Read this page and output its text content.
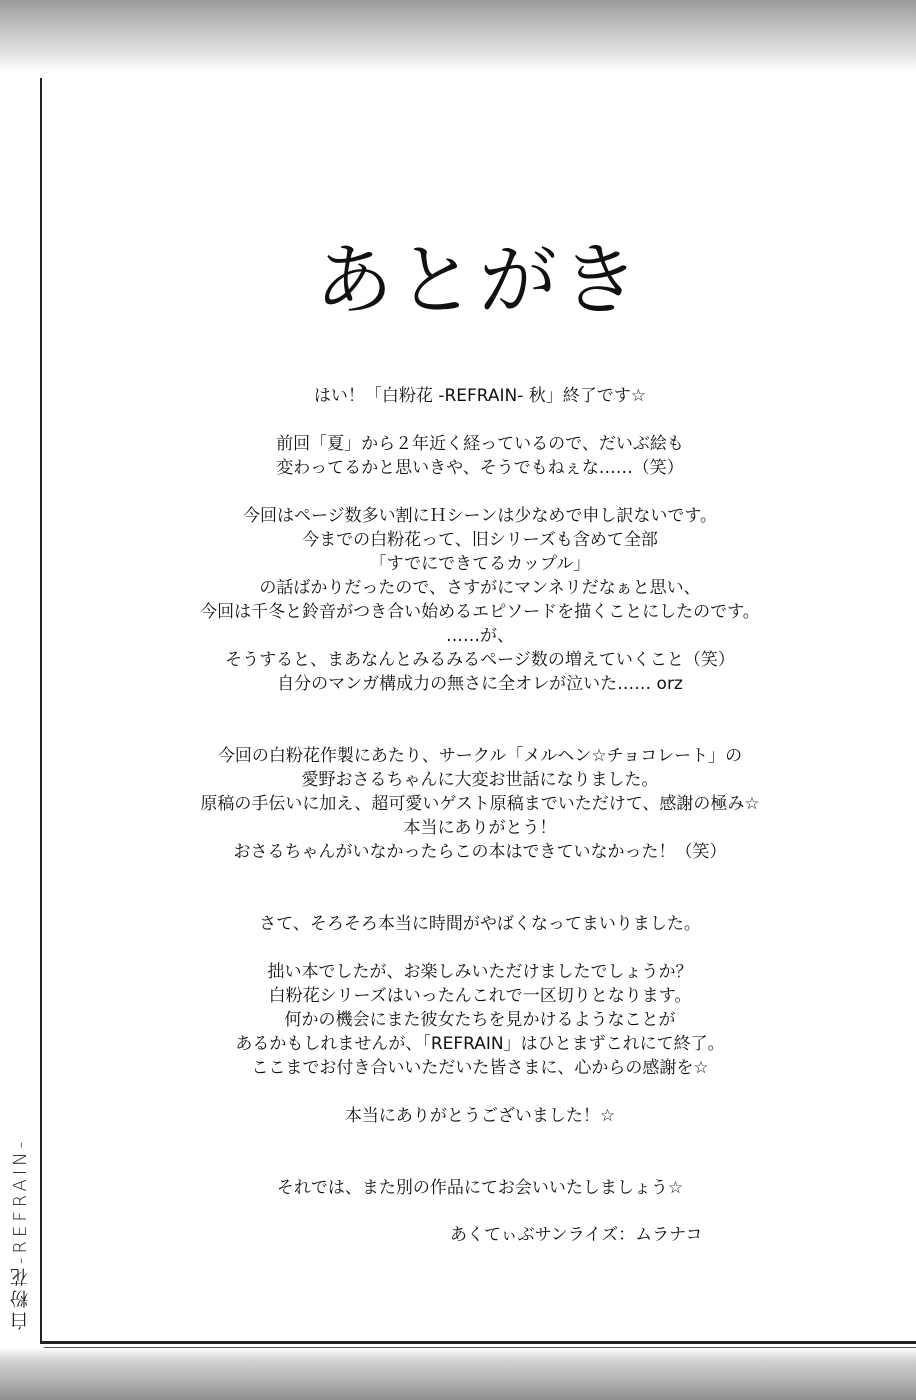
白粉花-REFRAIN-
あとがき

はい！「白粉花 -REFRAIN- 秋」終了です☆

前回「夏」から２年近く経っているので、だいぶ絵も
変わってるかと思いきや、そうでもねぇな……（笑）

今回はページ数多い割にＨシーンは少なめで申し訳ないです。
今までの白粉花って、旧シリーズも含めて全部
「すでにできてるカップル」
の話ばかりだったので、さすがにマンネリだなぁと思い、
今回は千冬と鈴音がつき合い始めるエピソードを描くことにしたのです。
……が、
そうすると、まあなんとみるみるページ数の増えていくこと（笑）
自分のマンガ構成力の無さに全オレが泣いた…… orz

今回の白粉花作製にあたり、サークル「メルヘン☆チョコレート」の
愛野おさるちゃんに大変お世話になりました。
原稿の手伝いに加え、超可愛いゲスト原稿までいただけて、感謝の極み☆
本当にありがとう！
おさるちゃんがいなかったらこの本はできていなかった！（笑）

さて、そろそろ本当に時間がやばくなってまいりました。

拙い本でしたが、お楽しみいただけましたでしょうか？
白粉花シリーズはいったんこれで一区切りとなります。
何かの機会にまた彼女たちを見かけるようなことが
あるかもしれませんが、「REFRAIN」はひとまずこれにて終了。
ここまでお付き合いいただいた皆さまに、心からの感謝を☆

本当にありがとうございました！☆

それでは、また別の作品にてお会いいたしましょう☆

あくてぃぶサンライズ：ムラナコ
